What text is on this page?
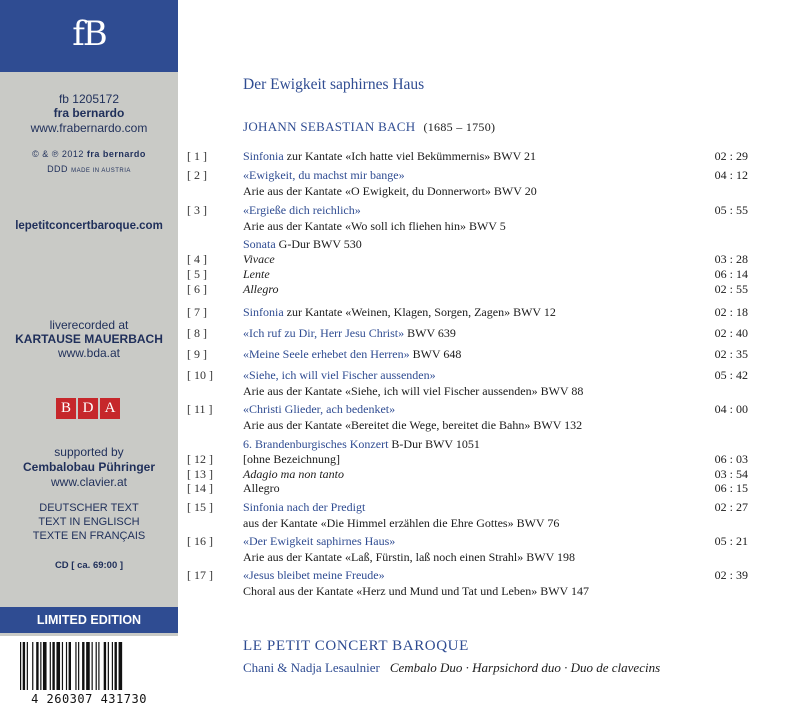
fB
fb 1205172
fra bernardo
www.frabernardo.com
© & ℗ 2012 fra bernardo
DDD MADE IN AUSTRIA
lepetitconcertbaroque.com
liverecorded at
KARTAUSE MAUERBACH
www.bda.at
B D A
supported by
Cembalobau Pühringer
www.clavier.at
DEUTSCHER TEXT
TEXT IN ENGLISCH
TEXTE EN FRANÇAIS
CD [ ca. 69:00 ]
LIMITED EDITION
4 260307 431730
Der Ewigkeit saphirnes Haus
JOHANN SEBASTIAN BACH (1685 – 1750)
[ 1 ]	Sinfonia zur Kantate «Ich hatte viel Bekümmernis» BWV 21	02 : 29
[ 2 ]	«Ewigkeit, du machst mir bange»	04 : 12
Arie aus der Kantate «O Ewigkeit, du Donnerwort» BWV 20
[ 3 ]	«Ergieße dich reichlich»	05 : 55
Arie aus der Kantate «Wo soll ich fliehen hin» BWV 5
Sonata G-Dur BWV 530
[ 4 ]	Vivace	03 : 28
[ 5 ]	Lente	06 : 14
[ 6 ]	Allegro	02 : 55
[ 7 ]	Sinfonia zur Kantate «Weinen, Klagen, Sorgen, Zagen» BWV 12	02 : 18
[ 8 ]	«Ich ruf zu Dir, Herr Jesu Christ» BWV 639	02 : 40
[ 9 ]	«Meine Seele erhebet den Herren» BWV 648	02 : 35
[ 10 ]	«Siehe, ich will viel Fischer aussenden»	05 : 42
Arie aus der Kantate «Siehe, ich will viel Fischer aussenden» BWV 88
[ 11 ]	«Christi Glieder, ach bedenket»	04 : 00
Arie aus der Kantate «Bereitet die Wege, bereitet die Bahn» BWV 132
6. Brandenburgisches Konzert B-Dur BWV 1051
[ 12 ]	[ohne Bezeichnung]	06 : 03
[ 13 ]	Adagio ma non tanto	03 : 54
[ 14 ]	Allegro	06 : 15
[ 15 ]	Sinfonia nach der Predigt	02 : 27
aus der Kantate «Die Himmel erzählen die Ehre Gottes» BWV 76
[ 16 ]	«Der Ewigkeit saphirnes Haus»	05 : 21
Arie aus der Kantate «Laß, Fürstin, laß noch einen Strahl» BWV 198
[ 17 ]	«Jesus bleibet meine Freude»	02 : 39
Choral aus der Kantate «Herz und Mund und Tat und Leben» BWV 147
LE PETIT CONCERT BAROQUE
Chani & Nadja Lesaulnier Cembalo Duo · Harpsichord duo · Duo de clavecins
